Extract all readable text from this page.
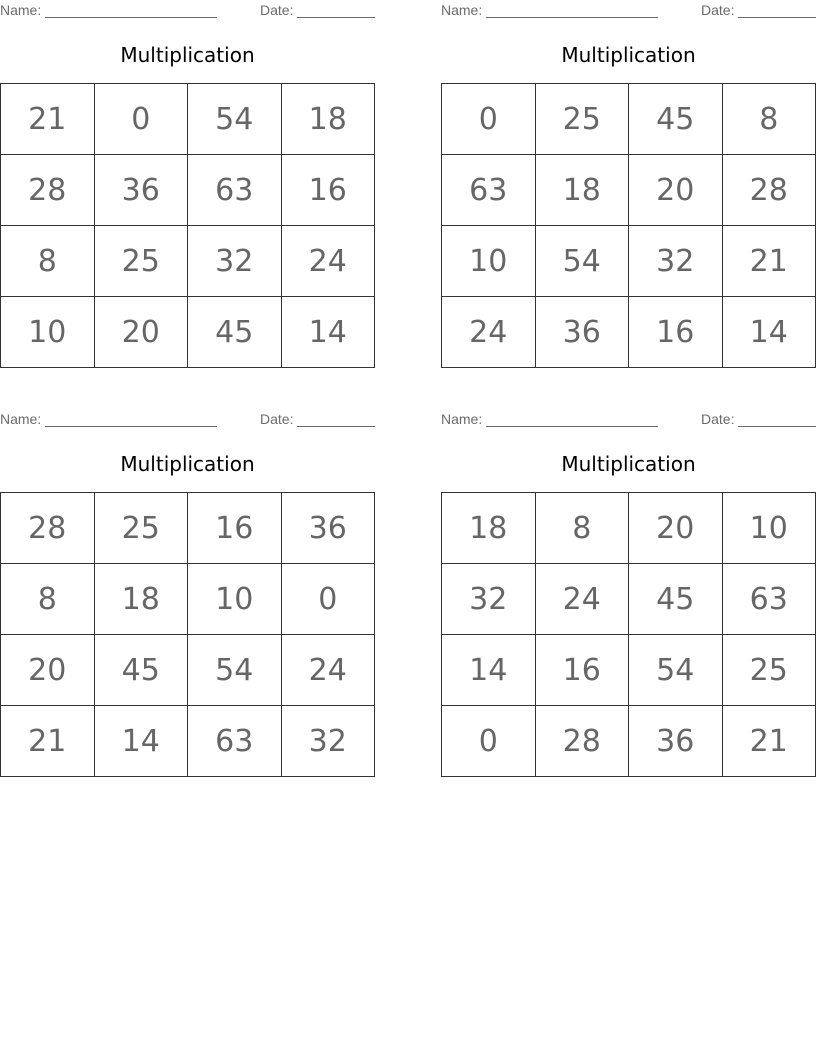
Name:	Date:
Multiplication
21	0	54	18
28	36	63	16
8	25	32	24
10	20	45	14
Name:	Date:
Multiplication
0	25	45	8
63	18	20	28
10	54	32	21
24	36	16	14
Name:	Date:
Multiplication
28	25	16	36
8	18	10	0
20	45	54	24
21	14	63	32
Name:	Date:
Multiplication
18	8	20	10
32	24	45	63
14	16	54	25
0	28	36	21
